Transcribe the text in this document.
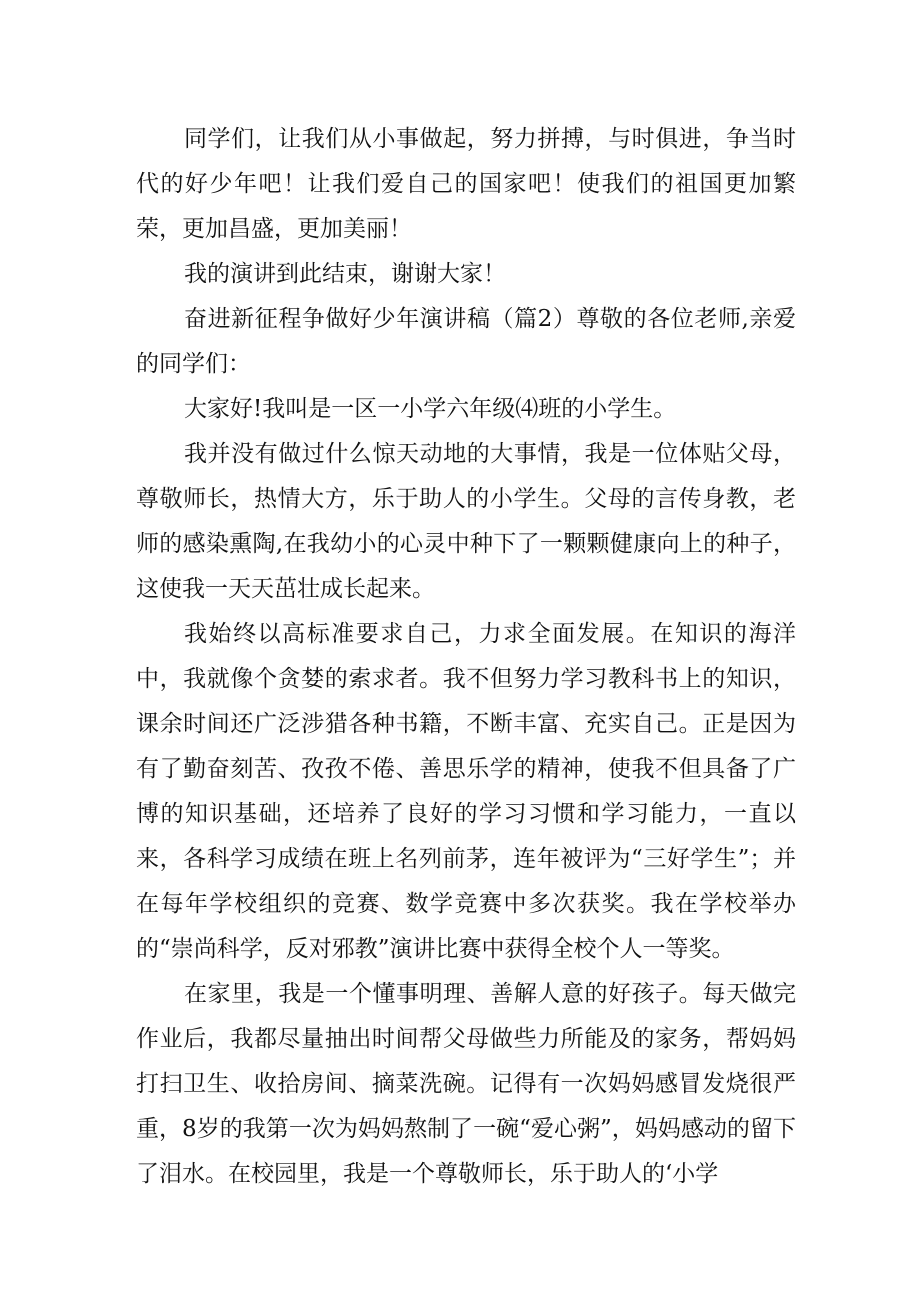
同学们，让我们从小事做起，努力拼搏，与时俱进，争当时代的好少年吧！让我们爱自己的国家吧！使我们的祖国更加繁荣，更加昌盛，更加美丽！

我的演讲到此结束，谢谢大家！

奋进新征程争做好少年演讲稿（篇2）尊敬的各位老师,亲爱的同学们：

大家好!我叫是一区一小学六年级⑷班的小学生。

我并没有做过什么惊天动地的大事情，我是一位体贴父母，尊敬师长，热情大方，乐于助人的小学生。父母的言传身教，老师的感染熏陶,在我幼小的心灵中种下了一颗颗健康向上的种子，这使我一天天茁壮成长起来。

我始终以高标准要求自己，力求全面发展。在知识的海洋中，我就像个贪婪的索求者。我不但努力学习教科书上的知识，课余时间还广泛涉猎各种书籍，不断丰富、充实自己。正是因为有了勤奋刻苦、孜孜不倦、善思乐学的精神，使我不但具备了广博的知识基础，还培养了良好的学习习惯和学习能力，一直以来，各科学习成绩在班上名列前茅，连年被评为“三好学生”；并在每年学校组织的竞赛、数学竞赛中多次获奖。我在学校举办的“崇尚科学，反对邪教”演讲比赛中获得全校个人一等奖。

在家里，我是一个懂事明理、善解人意的好孩子。每天做完作业后，我都尽量抽出时间帮父母做些力所能及的家务，帮妈妈打扫卫生、收拾房间、摘菜洗碗。记得有一次妈妈感冒发烧很严重，8岁的我第一次为妈妈熬制了一碗“爱心粥”，妈妈感动的留下了泪水。在校园里，我是一个尊敬师长，乐于助人的‘小学
